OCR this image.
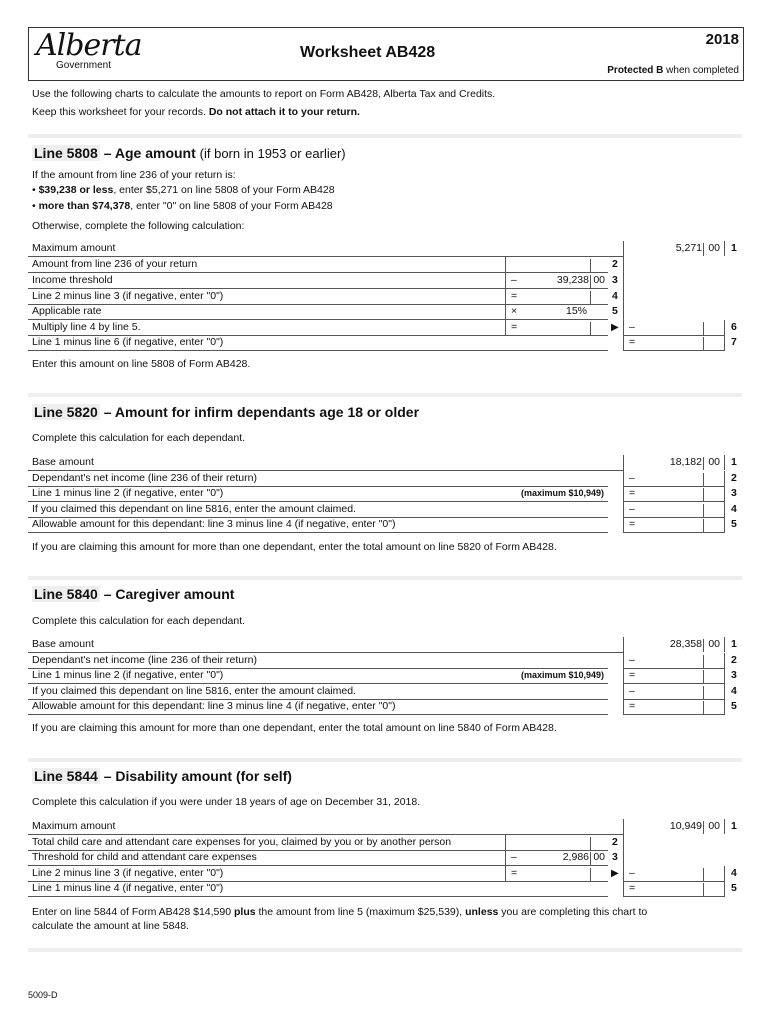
Alberta
Government
Worksheet AB428
2018
Protected B when completed
Use the following charts to calculate the amounts to report on Form AB428, Alberta Tax and Credits.
Keep this worksheet for your records. Do not attach it to your return.
Line 5808 – Age amount (if born in 1953 or earlier)
If the amount from line 236 of your return is:
• $39,238 or less, enter $5,271 on line 5808 of your Form AB428
• more than $74,378, enter "0" on line 5808 of your Form AB428
Otherwise, complete the following calculation:
Maximum amount	5,271 00 1
Amount from line 236 of your return	2
Income threshold	–	39,238 00 3
Line 2 minus line 3 (if negative, enter "0")	=	4
Applicable rate	×	15% 5
Multiply line 4 by line 5.	=	▶ –	6
Line 1 minus line 6 (if negative, enter "0")	=	7
Enter this amount on line 5808 of Form AB428.
Line 5820 – Amount for infirm dependants age 18 or older
Complete this calculation for each dependant.
Base amount	18,182 00 1
Dependant's net income (line 236 of their return)	–	2
Line 1 minus line 2 (if negative, enter "0")	(maximum $10,949) =	3
If you claimed this dependant on line 5816, enter the amount claimed.	–	4
Allowable amount for this dependant: line 3 minus line 4 (if negative, enter "0")	=	5
If you are claiming this amount for more than one dependant, enter the total amount on line 5820 of Form AB428.
Line 5840 – Caregiver amount
Complete this calculation for each dependant.
Base amount	28,358 00 1
Dependant's net income (line 236 of their return)	–	2
Line 1 minus line 2 (if negative, enter "0")	(maximum $10,949) =	3
If you claimed this dependant on line 5816, enter the amount claimed.	–	4
Allowable amount for this dependant: line 3 minus line 4 (if negative, enter "0")	=	5
If you are claiming this amount for more than one dependant, enter the total amount on line 5840 of Form AB428.
Line 5844 – Disability amount (for self)
Complete this calculation if you were under 18 years of age on December 31, 2018.
Maximum amount	10,949 00 1
Total child care and attendant care expenses for you, claimed by you or by another person	2
Threshold for child and attendant care expenses	–	2,986 00 3
Line 2 minus line 3 (if negative, enter "0")	=	▶ –	4
Line 1 minus line 4 (if negative, enter "0")	=	5
Enter on line 5844 of Form AB428 $14,590 plus the amount from line 5 (maximum $25,539), unless you are completing this chart to
calculate the amount at line 5848.
5009-D
